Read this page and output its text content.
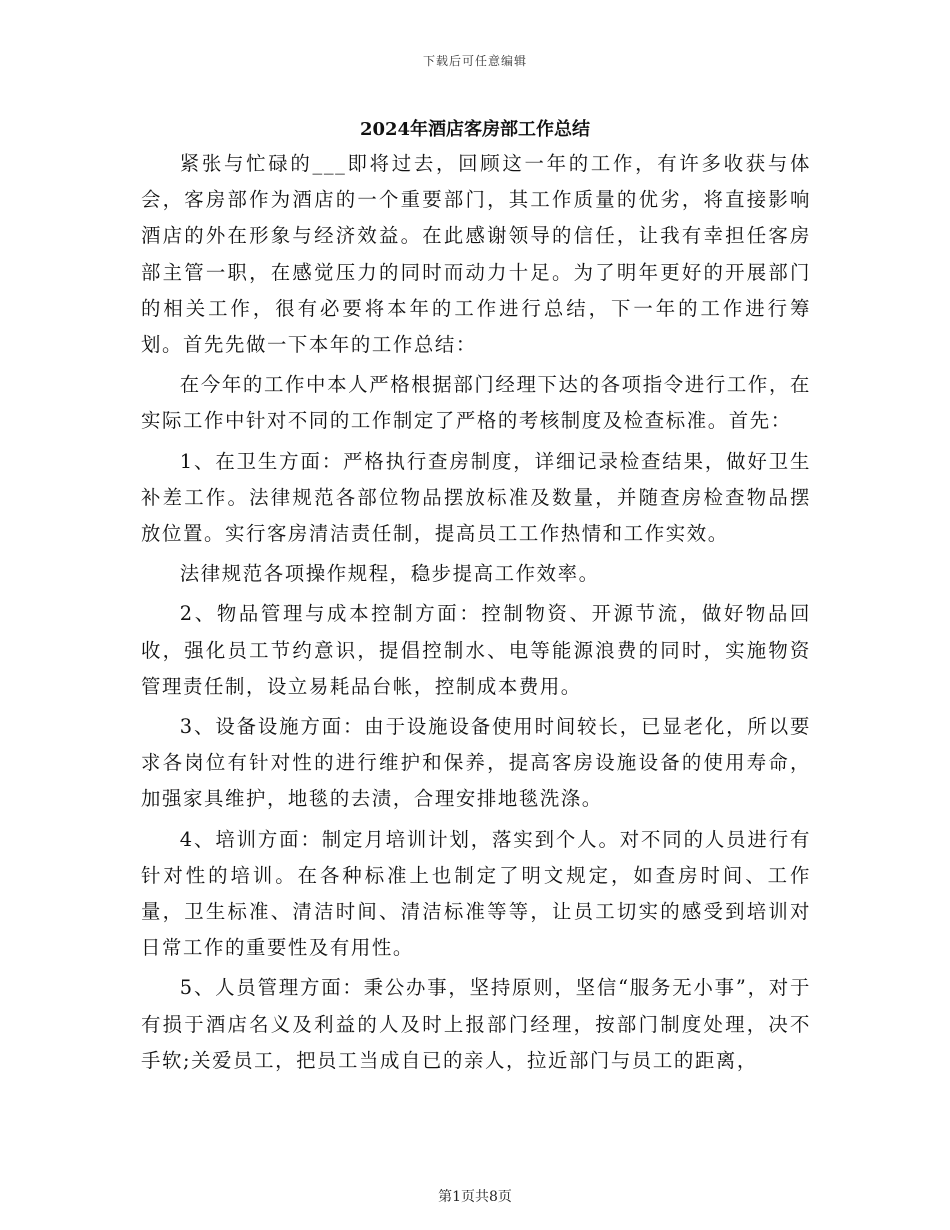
下载后可任意编辑
2024年酒店客房部工作总结

紧张与忙碌的___即将过去，回顾这一年的工作，有许多收获与体会，客房部作为酒店的一个重要部门，其工作质量的优劣，将直接影响酒店的外在形象与经济效益。在此感谢领导的信任，让我有幸担任客房部主管一职，在感觉压力的同时而动力十足。为了明年更好的开展部门的相关工作，很有必要将本年的工作进行总结，下一年的工作进行筹划。首先先做一下本年的工作总结：

在今年的工作中本人严格根据部门经理下达的各项指令进行工作，在实际工作中针对不同的工作制定了严格的考核制度及检查标准。首先：

1、在卫生方面：严格执行查房制度，详细记录检查结果，做好卫生补差工作。法律规范各部位物品摆放标准及数量，并随查房检查物品摆放位置。实行客房清洁责任制，提高员工工作热情和工作实效。

法律规范各项操作规程，稳步提高工作效率。

2、物品管理与成本控制方面：控制物资、开源节流，做好物品回收，强化员工节约意识，提倡控制水、电等能源浪费的同时，实施物资管理责任制，设立易耗品台帐，控制成本费用。

3、设备设施方面：由于设施设备使用时间较长，已显老化，所以要求各岗位有针对性的进行维护和保养，提高客房设施设备的使用寿命，加强家具维护，地毯的去渍，合理安排地毯洗涤。

4、培训方面：制定月培训计划，落实到个人。对不同的人员进行有针对性的培训。在各种标准上也制定了明文规定，如查房时间、工作量，卫生标准、清洁时间、清洁标准等等，让员工切实的感受到培训对日常工作的重要性及有用性。

5、人员管理方面：秉公办事，坚持原则，坚信“服务无小事”，对于有损于酒店名义及利益的人及时上报部门经理，按部门制度处理，决不手软;关爱员工，把员工当成自已的亲人，拉近部门与员工的距离，

第1页共8页
